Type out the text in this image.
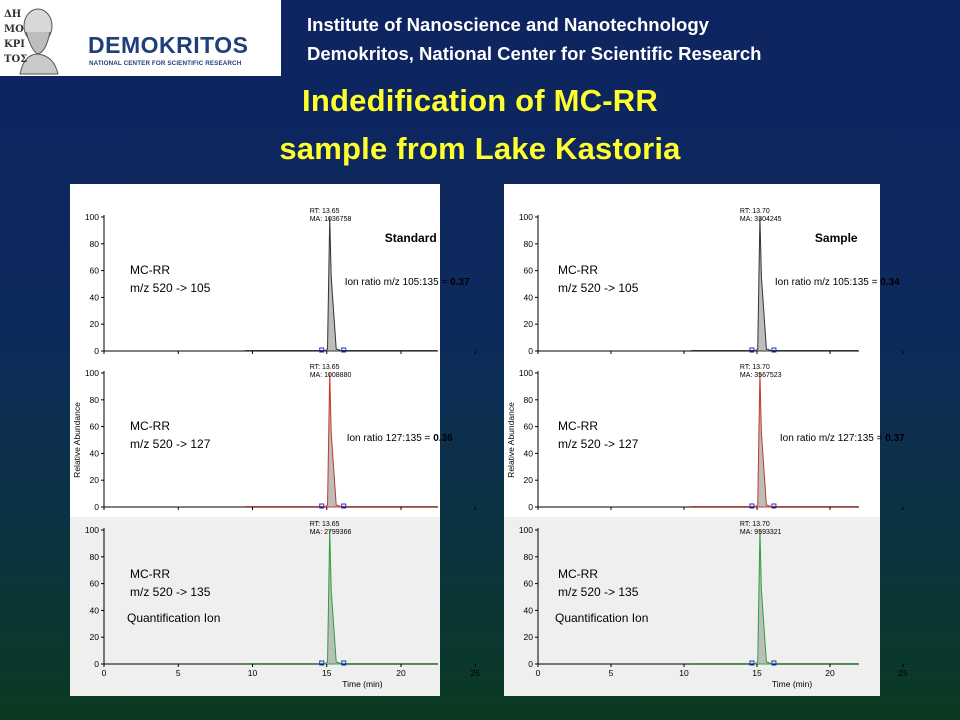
ΔΗ
ΜΟ
ΚΡΙ
ΤΟΣ
DEMOKRITOS
NATIONAL CENTER FOR SCIENTIFIC RESEARCH
Institute of Nanoscience and Nanotechnology
Demokritos, National Center for Scientific Research
Indedification of MC-RR
sample from Lake Kastoria
0
20
40
60
80
100
RT: 13.65
MA: 1036758
MC-RR
m/z 520 -> 105
Standard
Ion ratio m/z 105:135 = 0.37
0
20
40
60
80
100
RT: 13.65
MA: 1008880
MC-RR
m/z 520 -> 127	Ion ratio 127:135 = 0.36
0
20
40
60
80
100
RT: 13.65
MA: 2799366
MC-RR
m/z 520 -> 135
Quantification Ion
0	5	10	15	20	25
Time (min)
Relative Abundance
0
20
40
60
80
100
RT: 13.70
MA: 3304245
MC-RR
m/z 520 -> 105
Sample
Ion ratio m/z 105:135 = 0.34
0
20
40
60
80
100
RT: 13.70
MA: 3567523
MC-RR
m/z 520 -> 127	Ion ratio m/z 127:135 = 0.37
0
20
40
60
80
100
RT: 13.70
MA: 9593321
MC-RR
m/z 520 -> 135
Quantification Ion
0	5	10	15	20	25
Time (min)
Relative Abundance
